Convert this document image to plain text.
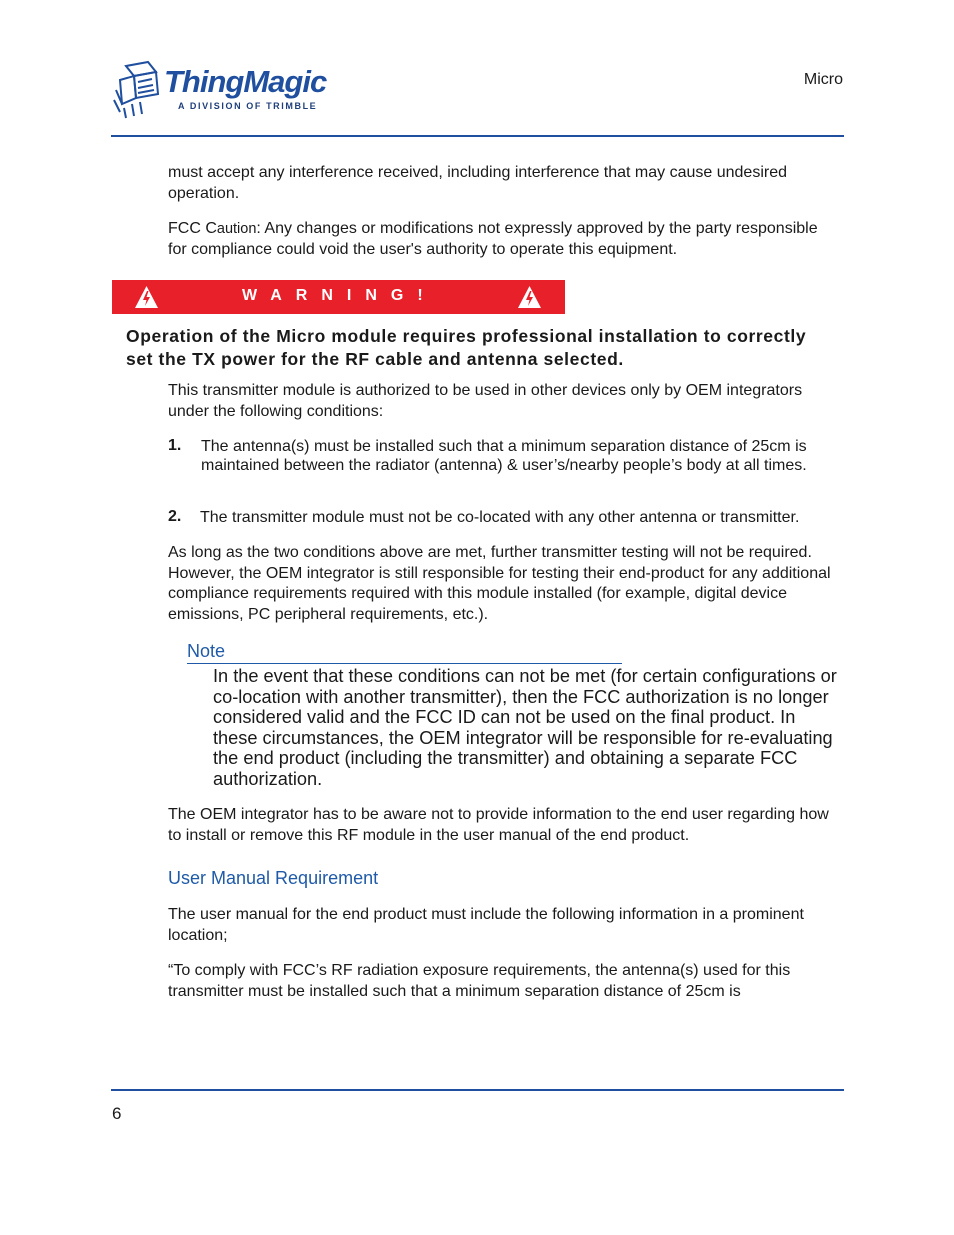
ThingMagic
A DIVISION OF TRIMBLE
Micro

must accept any interference received, including interference that may cause undesired operation.

FCC Caution: Any changes or modifications not expressly approved by the party responsible for compliance could void the user's authority to operate this equipment.

WARNING!

Operation of the Micro module requires professional installation to correctly set the TX power for the RF cable and antenna selected.

This transmitter module is authorized to be used in other devices only by OEM integrators under the following conditions:

1. The antenna(s) must be installed such that a minimum separation distance of 25cm is maintained between the radiator (antenna) & user’s/nearby people’s body at all times.

2. The transmitter module must not be co-located with any other antenna or transmitter.

As long as the two conditions above are met, further transmitter testing will not be required. However, the OEM integrator is still responsible for testing their end-product for any additional compliance requirements required with this module installed (for example, digital device emissions, PC peripheral requirements, etc.).

Note

In the event that these conditions can not be met (for certain configurations or co-location with another transmitter), then the FCC authorization is no longer considered valid and the FCC ID can not be used on the final product. In these circumstances, the OEM integrator will be responsible for re-evaluating the end product (including the transmitter) and obtaining a separate FCC authorization.

The OEM integrator has to be aware not to provide information to the end user regarding how to install or remove this RF module in the user manual of the end product.

User Manual Requirement

The user manual for the end product must include the following information in a prominent location;

“To comply with FCC’s RF radiation exposure requirements, the antenna(s) used for this transmitter must be installed such that a minimum separation distance of 25cm is

6
